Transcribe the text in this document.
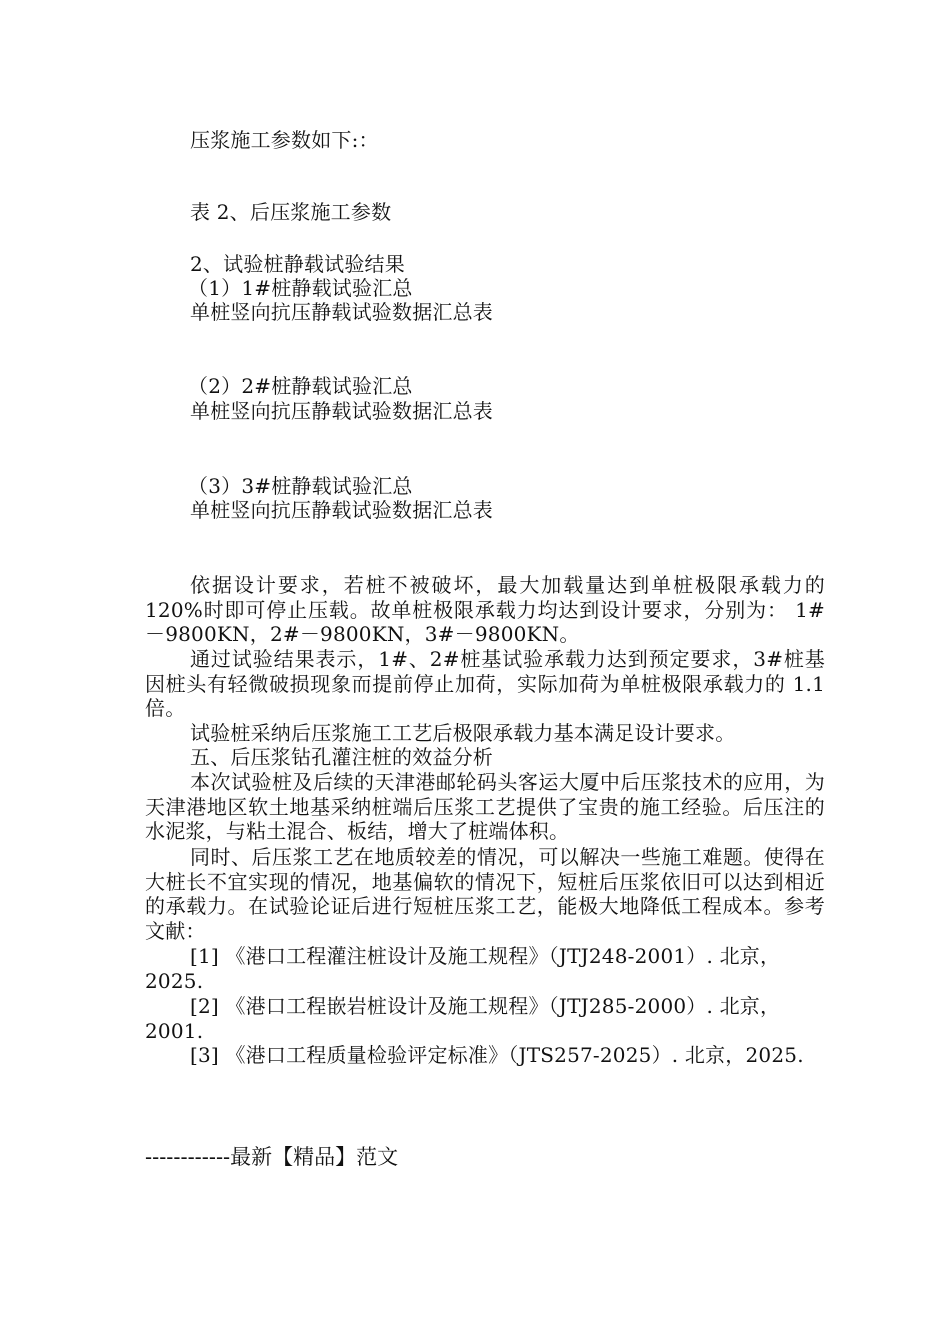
压浆施工参数如下:：
表 2、后压浆施工参数
2、试验桩静载试验结果
（1）1#桩静载试验汇总
单桩竖向抗压静载试验数据汇总表
（2）2#桩静载试验汇总
单桩竖向抗压静载试验数据汇总表
（3）3#桩静载试验汇总
单桩竖向抗压静载试验数据汇总表
依据设计要求，若桩不被破坏，最大加载量达到单桩极限承载力的 120%时即可停止压载。故单桩极限承载力均达到设计要求，分别为： 1#－9800KN，2#－9800KN，3#－9800KN。
通过试验结果表示，1#、2#桩基试验承载力达到预定要求，3#桩基因桩头有轻微破损现象而提前停止加荷，实际加荷为单桩极限承载力的 1.1 倍。
试验桩采纳后压浆施工工艺后极限承载力基本满足设计要求。
五、后压浆钻孔灌注桩的效益分析
本次试验桩及后续的天津港邮轮码头客运大厦中后压浆技术的应用，为天津港地区软土地基采纳桩端后压浆工艺提供了宝贵的施工经验。后压注的水泥浆，与粘土混合、板结，增大了桩端体积。
同时、后压浆工艺在地质较差的情况，可以解决一些施工难题。使得在大桩长不宜实现的情况，地基偏软的情况下，短桩后压浆依旧可以达到相近的承载力。在试验论证后进行短桩压浆工艺，能极大地降低工程成本。参考文献：
[1] 《港口工程灌注桩设计及施工规程》（JTJ248-2001）. 北京，2025.
[2] 《港口工程嵌岩桩设计及施工规程》（JTJ285-2000）. 北京，2001.
[3] 《港口工程质量检验评定标准》（JTS257-2025）. 北京，2025.
------------最新【精品】范文
